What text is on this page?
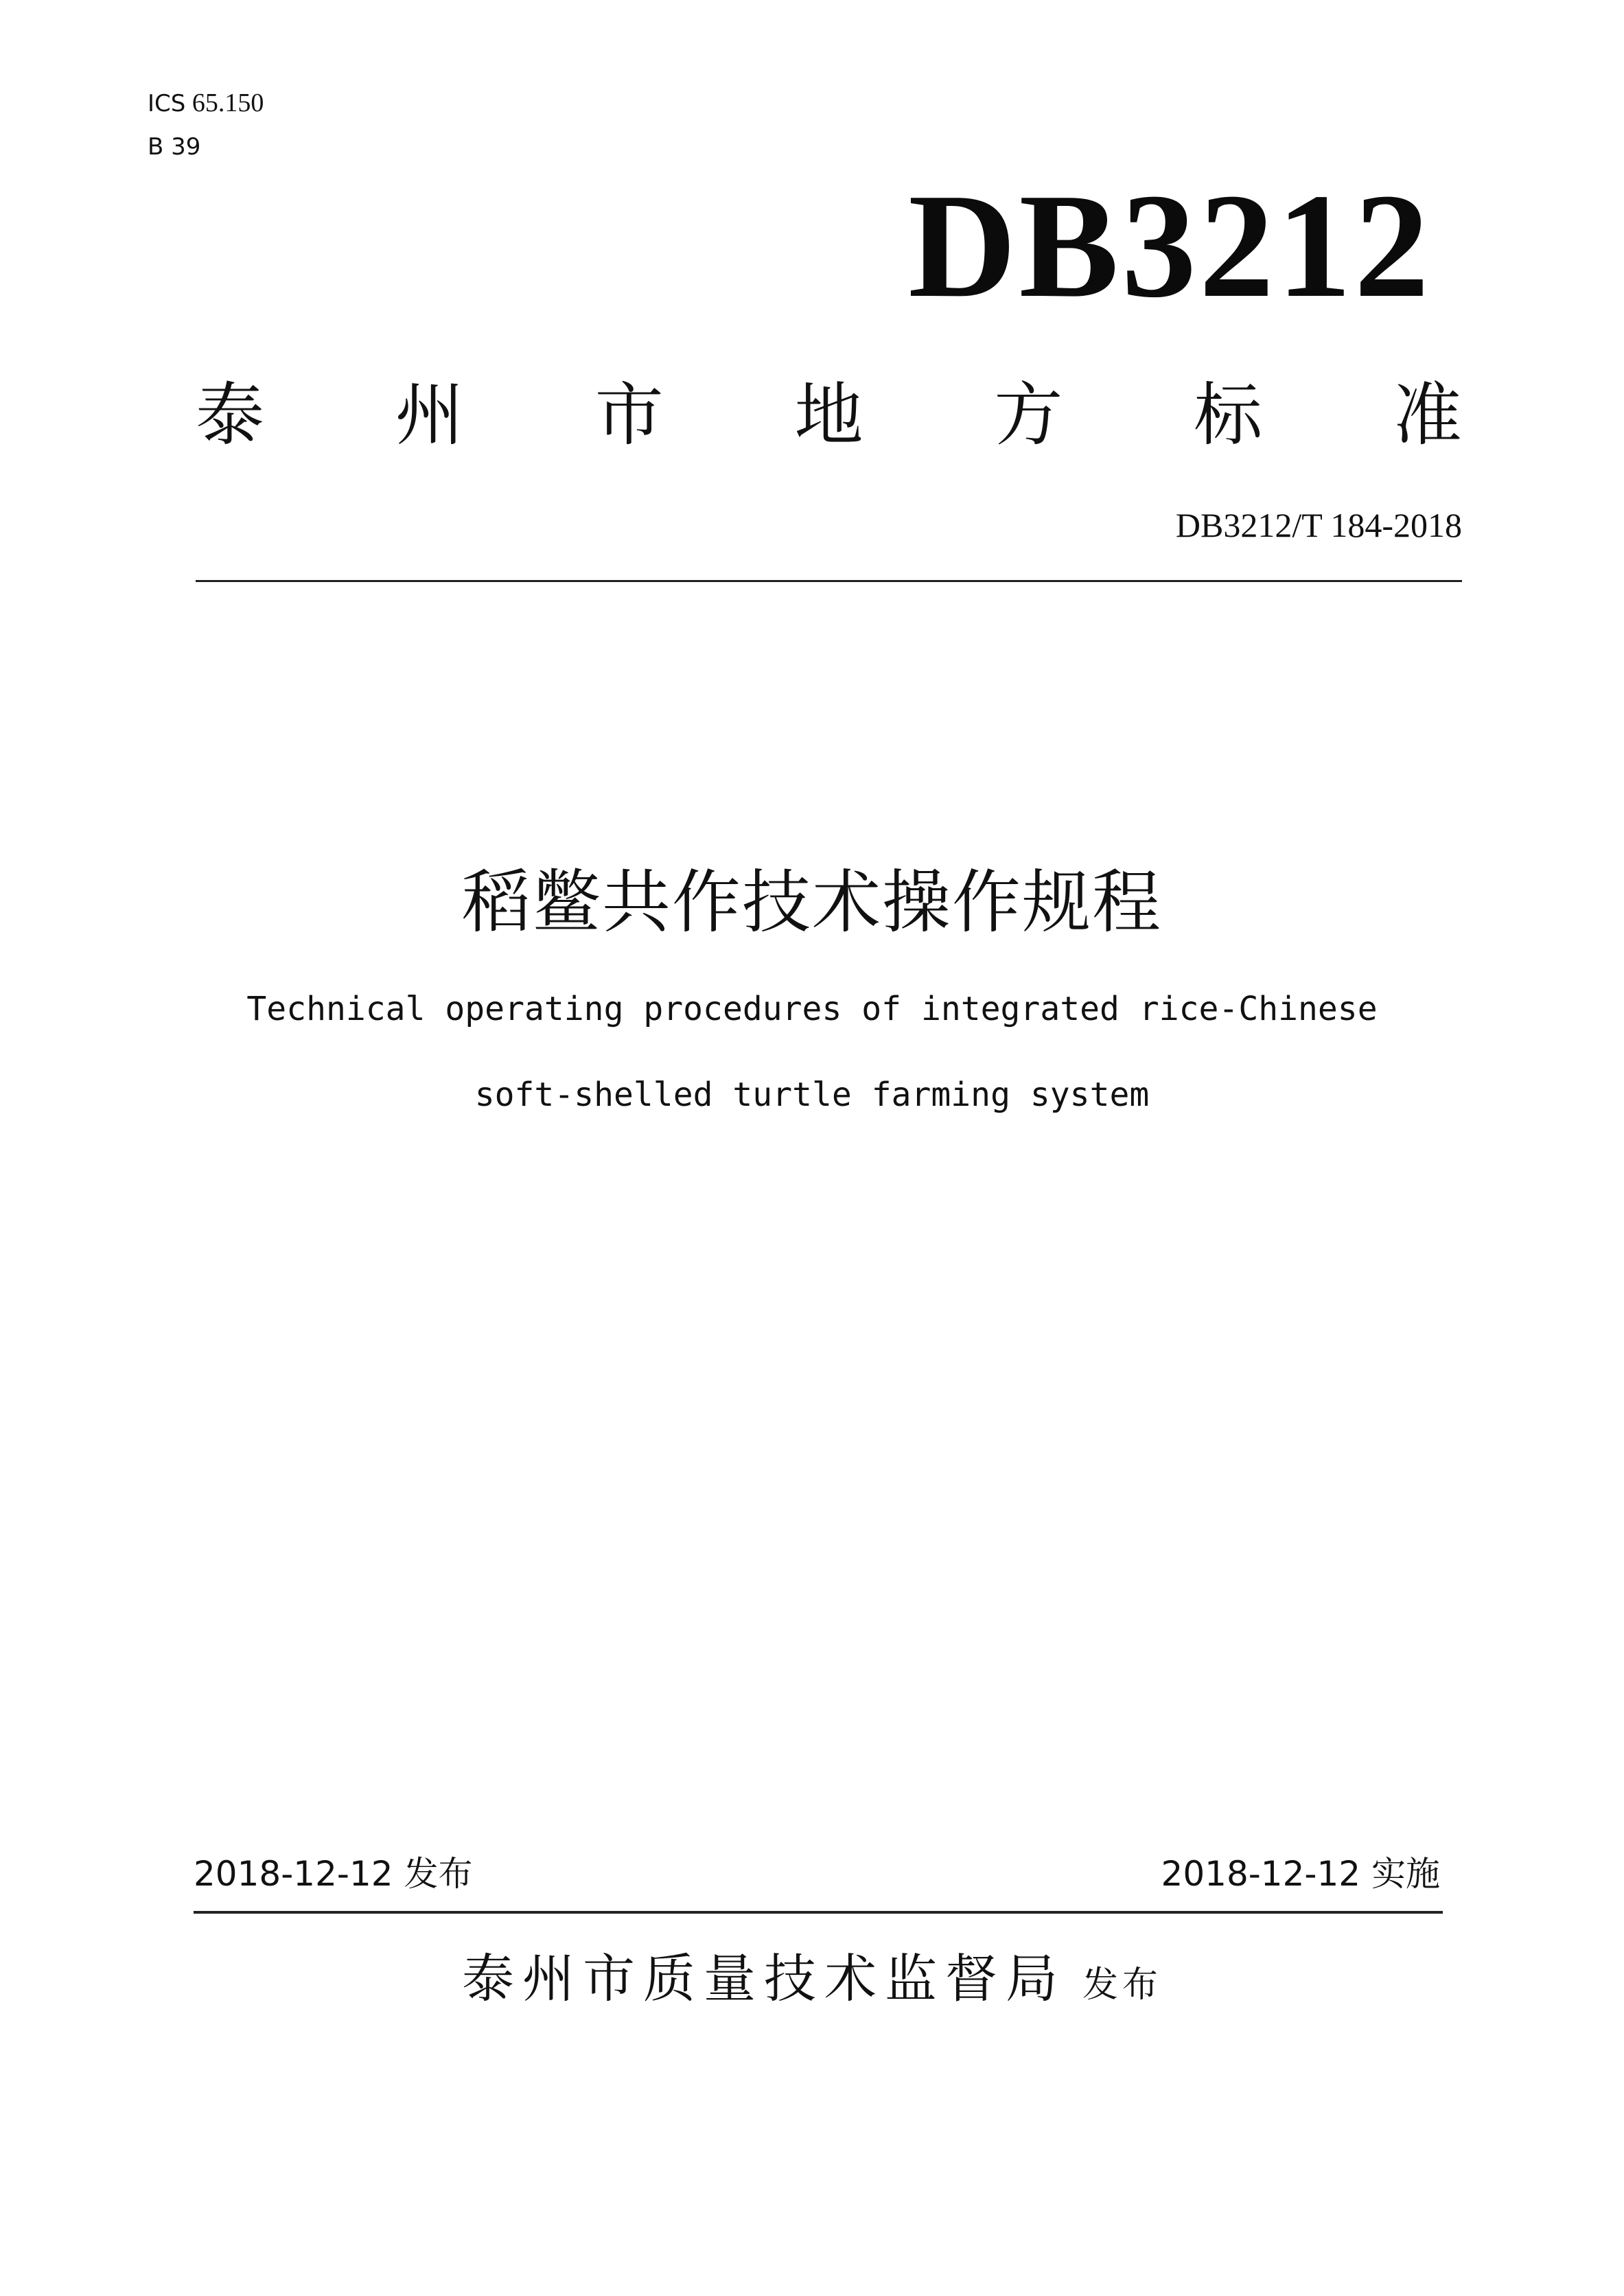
ICS 65.150
B 39
DB3212
泰 州 市 地 方 标 准
DB3212/T 184-2018
稻鳖共作技术操作规程
Technical operating procedures of integrated rice-Chinese
soft-shelled turtle farming system
2018-12-12 发布	2018-12-12 实施
泰州市质量技术监督局 发布
